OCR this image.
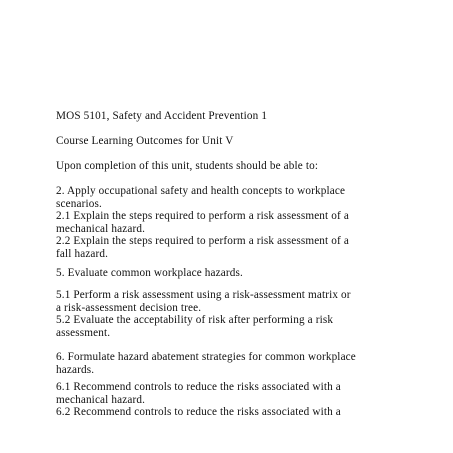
MOS 5101, Safety and Accident Prevention 1

Course Learning Outcomes for Unit V

Upon completion of this unit, students should be able to:

2. Apply occupational safety and health concepts to workplace

scenarios.

2.1 Explain the steps required to perform a risk assessment of a

mechanical hazard.

2.2 Explain the steps required to perform a risk assessment of a

fall hazard.

5. Evaluate common workplace hazards.

5.1 Perform a risk assessment using a risk-assessment matrix or

a risk-assessment decision tree.

5.2 Evaluate the acceptability of risk after performing a risk

assessment.

6. Formulate hazard abatement strategies for common workplace

hazards.

6.1 Recommend controls to reduce the risks associated with a

mechanical hazard.

6.2 Recommend controls to reduce the risks associated with a
